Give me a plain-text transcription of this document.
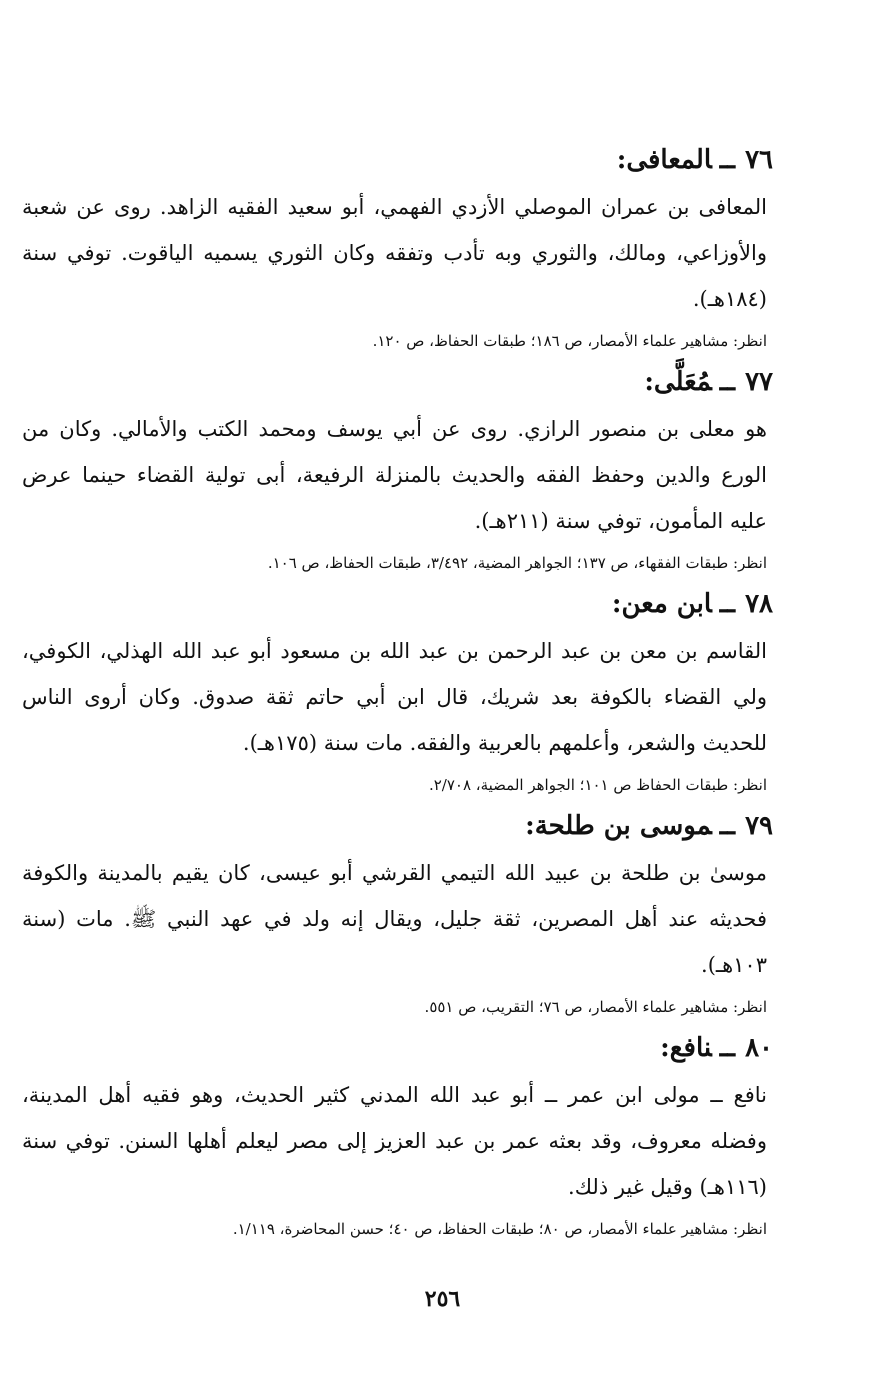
٧٦ــالمعافى:
المعافى بن عمران الموصلي الأزدي الفهمي، أبو سعيد الفقيه الزاهد. روى عن شعبة والأوزاعي، ومالك، والثوري وبه تأدب وتفقه وكان الثوري يسميه الياقوت. توفي سنة (١٨٤هـ).
انظر: مشاهير علماء الأمصار، ص ١٨٦؛ طبقات الحفاظ، ص ١٢٠.
٧٧ــمُعَلَّى:
هو معلى بن منصور الرازي. روى عن أبي يوسف ومحمد الكتب والأمالي. وكان من الورع والدين وحفظ الفقه والحديث بالمنزلة الرفيعة، أبى تولية القضاء حينما عرض عليه المأمون، توفي سنة (٢١١هـ).
انظر: طبقات الفقهاء، ص ١٣٧؛ الجواهر المضية، ٣/٤٩٢، طبقات الحفاظ، ص ١٠٦.
٧٨ــابن معن:
القاسم بن معن بن عبد الرحمن بن عبد الله بن مسعود أبو عبد الله الهذلي، الكوفي، ولي القضاء بالكوفة بعد شريك، قال ابن أبي حاتم ثقة صدوق. وكان أروى الناس للحديث والشعر، وأعلمهم بالعربية والفقه. مات سنة (١٧٥هـ).
انظر: طبقات الحفاظ ص ١٠١؛ الجواهر المضية، ٢/٧٠٨.
٧٩ــموسى بن طلحة:
موسىٰ بن طلحة بن عبيد الله التيمي القرشي أبو عيسى، كان يقيم بالمدينة والكوفة فحديثه عند أهل المصرين، ثقة جليل، ويقال إنه ولد في عهد النبي ﷺ. مات (سنة ١٠٣هـ).
انظر: مشاهير علماء الأمصار، ص ٧٦؛ التقريب، ص ٥٥١.
٨٠ــنافع:
نافع ــ مولى ابن عمر ــ أبو عبد الله المدني كثير الحديث، وهو فقيه أهل المدينة، وفضله معروف، وقد بعثه عمر بن عبد العزيز إلى مصر ليعلم أهلها السنن. توفي سنة (١١٦هـ) وقيل غير ذلك.
انظر: مشاهير علماء الأمصار، ص ٨٠؛ طبقات الحفاظ، ص ٤٠؛ حسن المحاضرة، ١/١١٩.
٢٥٦
